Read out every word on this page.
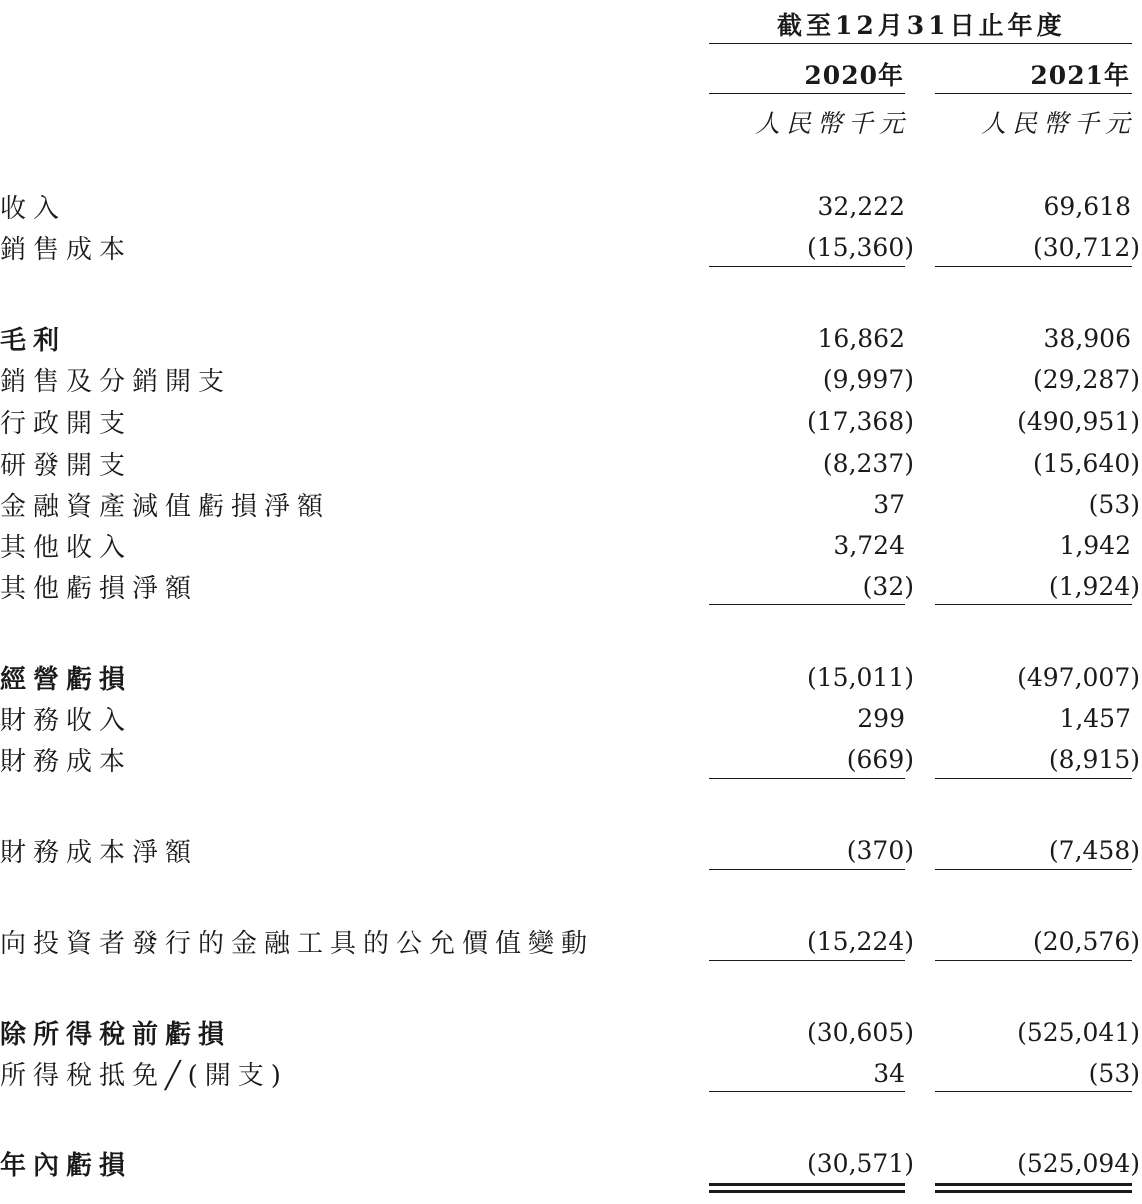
截至12月31日止年度
2020年	2021年
人民幣千元	人民幣千元
收入	32,222	69,618
銷售成本	(15,360)	(30,712)
毛利	16,862	38,906
銷售及分銷開支	(9,997)	(29,287)
行政開支	(17,368)	(490,951)
研發開支	(8,237)	(15,640)
金融資產減值虧損淨額	37	(53)
其他收入	3,724	1,942
其他虧損淨額	(32)	(1,924)
經營虧損	(15,011)	(497,007)
財務收入	299	1,457
財務成本	(669)	(8,915)
財務成本淨額	(370)	(7,458)
向投資者發行的金融工具的公允價值變動	(15,224)	(20,576)
除所得稅前虧損	(30,605)	(525,041)
所得稅抵免╱(開支)	34	(53)
年內虧損	(30,571)	(525,094)
